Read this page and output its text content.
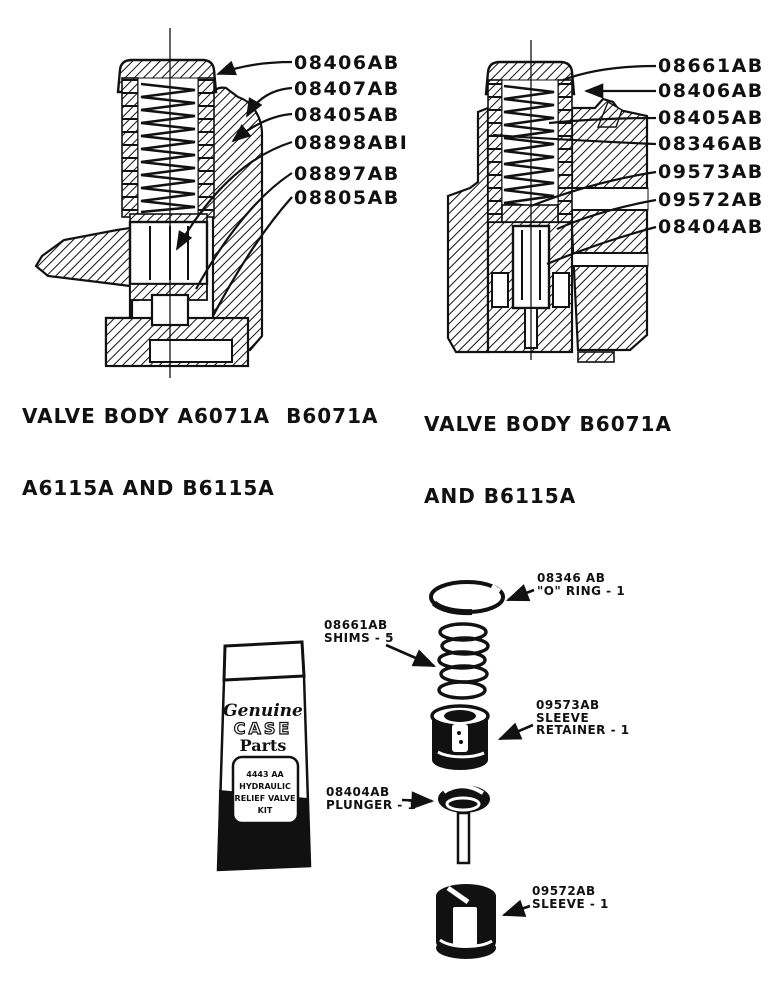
Genuine
CASE
Parts
4443 AA
HYDRAULIC
RELIEF VALVE
KIT
08406AB
08407AB
08405AB
08898ABI
08897AB
08805AB
08661AB
08406AB
08405AB
08346AB
09573AB
09572AB
08404AB

VALVE BODY A6071A  B6071A

A6115A AND B6115A

VALVE BODY B6071A

AND B6115A

08346 AB
"O" RING - 1
08661AB
SHIMS - 5
09573AB
SLEEVE
RETAINER - 1
08404AB
PLUNGER - 1
09572AB
SLEEVE - 1
